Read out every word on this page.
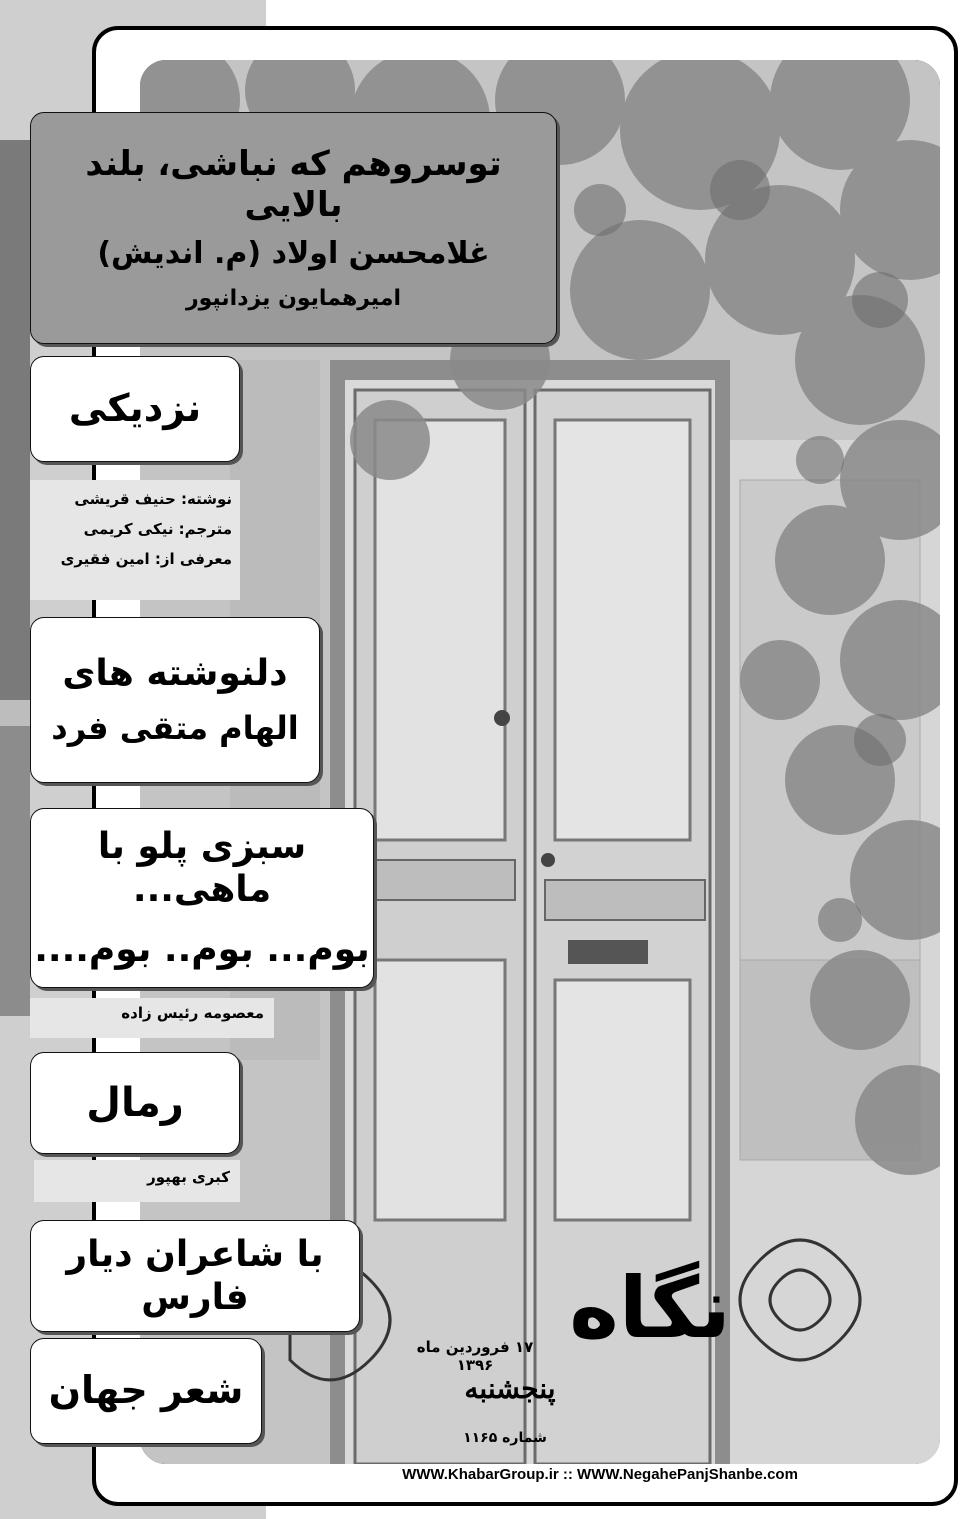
توسروهم که نباشی، بلند بالایی
غلامحسن اولاد (م. اندیش)
امیرهمایون یزدانپور
نزدیکی
نوشته: حنیف قریشی
مترجم: نیکی کریمی
معرفی از: امین فقیری
دلنوشته های
الهام متقی فرد
سبزی پلو با ماهی...
بوم... بوم.. بوم....
معصومه رئیس زاده
رمال
کبری بهپور
با شاعران دیار فارس
شعر جهان
نگاه
پنجشنبه
۱۷ فروردین ماه ۱۳۹۶
شماره ۱۱۶۵
WWW.KhabarGroup.ir :: WWW.NegahePanjShanbe.com
